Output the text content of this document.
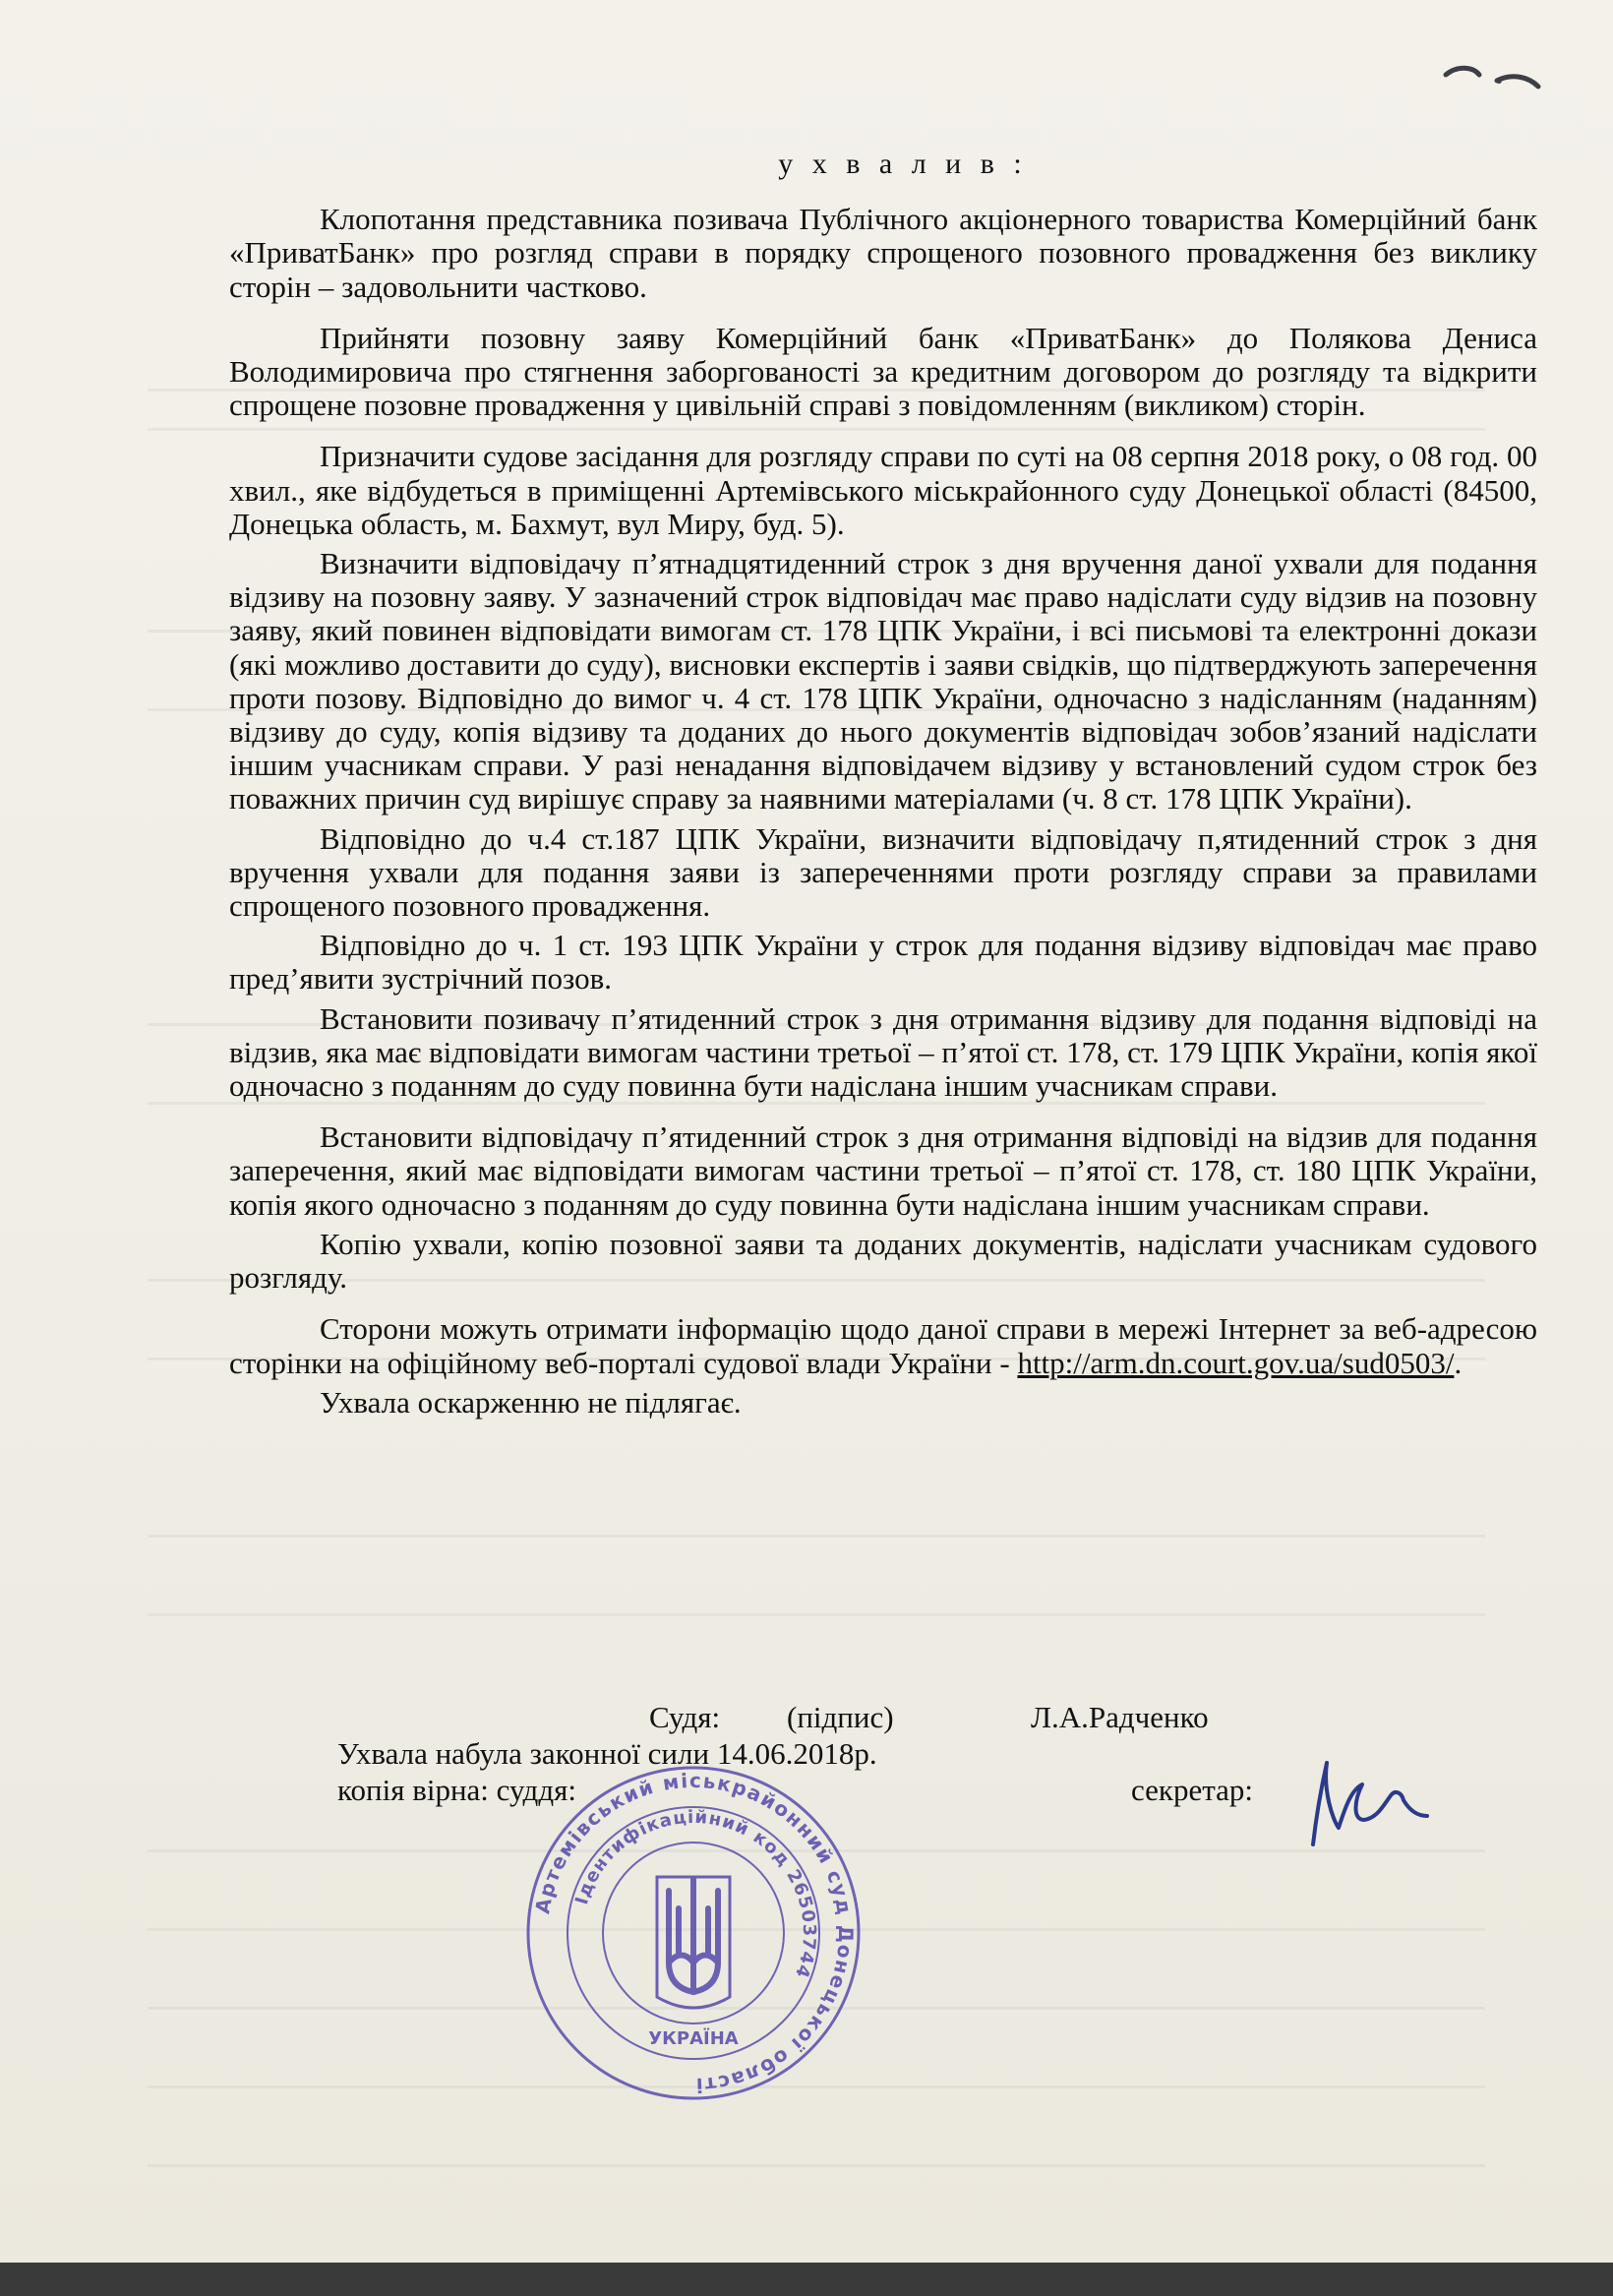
у х в а л и в :

Клопотання представника позивача Публічного акціонерного товариства Комерційний банк «ПриватБанк» про розгляд справи в порядку спрощеного позовного провадження без виклику сторін – задовольнити частково.

Прийняти позовну заяву Комерційний банк «ПриватБанк» до Полякова Дениса Володимировича про стягнення заборгованості за кредитним договором до розгляду та відкрити спрощене позовне провадження у цивільній справі з повідомленням (викликом) сторін.

Призначити судове засідання для розгляду справи по суті на 08 серпня 2018 року, о 08 год. 00 хвил., яке відбудеться в приміщенні Артемівського міськрайонного суду Донецької області (84500, Донецька область, м. Бахмут, вул Миру, буд. 5).

Визначити відповідачу п’ятнадцятиденний строк з дня вручення даної ухвали для подання відзиву на позовну заяву. У зазначений строк відповідач має право надіслати суду відзив на позовну заяву, який повинен відповідати вимогам ст. 178 ЦПК України, і всі письмові та електронні докази (які можливо доставити до суду), висновки експертів і заяви свідків, що підтверджують заперечення проти позову. Відповідно до вимог ч. 4 ст. 178 ЦПК України, одночасно з надісланням (наданням) відзиву до суду, копія відзиву та доданих до нього документів відповідач зобов’язаний надіслати іншим учасникам справи. У разі ненадання відповідачем відзиву у встановлений судом строк без поважних причин суд вирішує справу за наявними матеріалами (ч. 8 ст. 178 ЦПК України).

Відповідно до ч.4 ст.187 ЦПК України, визначити відповідачу п,ятиденний строк з дня вручення ухвали для подання заяви із запереченнями проти розгляду справи за правилами спрощеного позовного провадження.

Відповідно до ч. 1 ст. 193 ЦПК України у строк для подання відзиву відповідач має право пред’явити зустрічний позов.

Встановити позивачу п’ятиденний строк з дня отримання відзиву для подання відповіді на відзив, яка має відповідати вимогам частини третьої – п’ятої ст. 178, ст. 179 ЦПК України, копія якої одночасно з поданням до суду повинна бути надіслана іншим учасникам справи.

Встановити відповідачу п’ятиденний строк з дня отримання відповіді на відзив для подання заперечення, який має відповідати вимогам частини третьої – п’ятої ст. 178, ст. 180 ЦПК України, копія якого одночасно з поданням до суду повинна бути надіслана іншим учасникам справи.

Копію ухвали, копію позовної заяви та доданих документів, надіслати учасникам судового розгляду.

Сторони можуть отримати інформацію щодо даної справи в мережі Інтернет за веб-адресою сторінки на офіційному веб-порталі судової влади України - http://arm.dn.court.gov.ua/sud0503/.

Ухвала оскарженню не підлягає.

Судя: (підпис)	Л.А.Радченко
Ухвала набула законної сили 14.06.2018р.
копія вірна: суддя:	секретар:
Артемівський міськрайонний суд Донецької області
Ідентифікаційний код 26503744
УКРАЇНА
